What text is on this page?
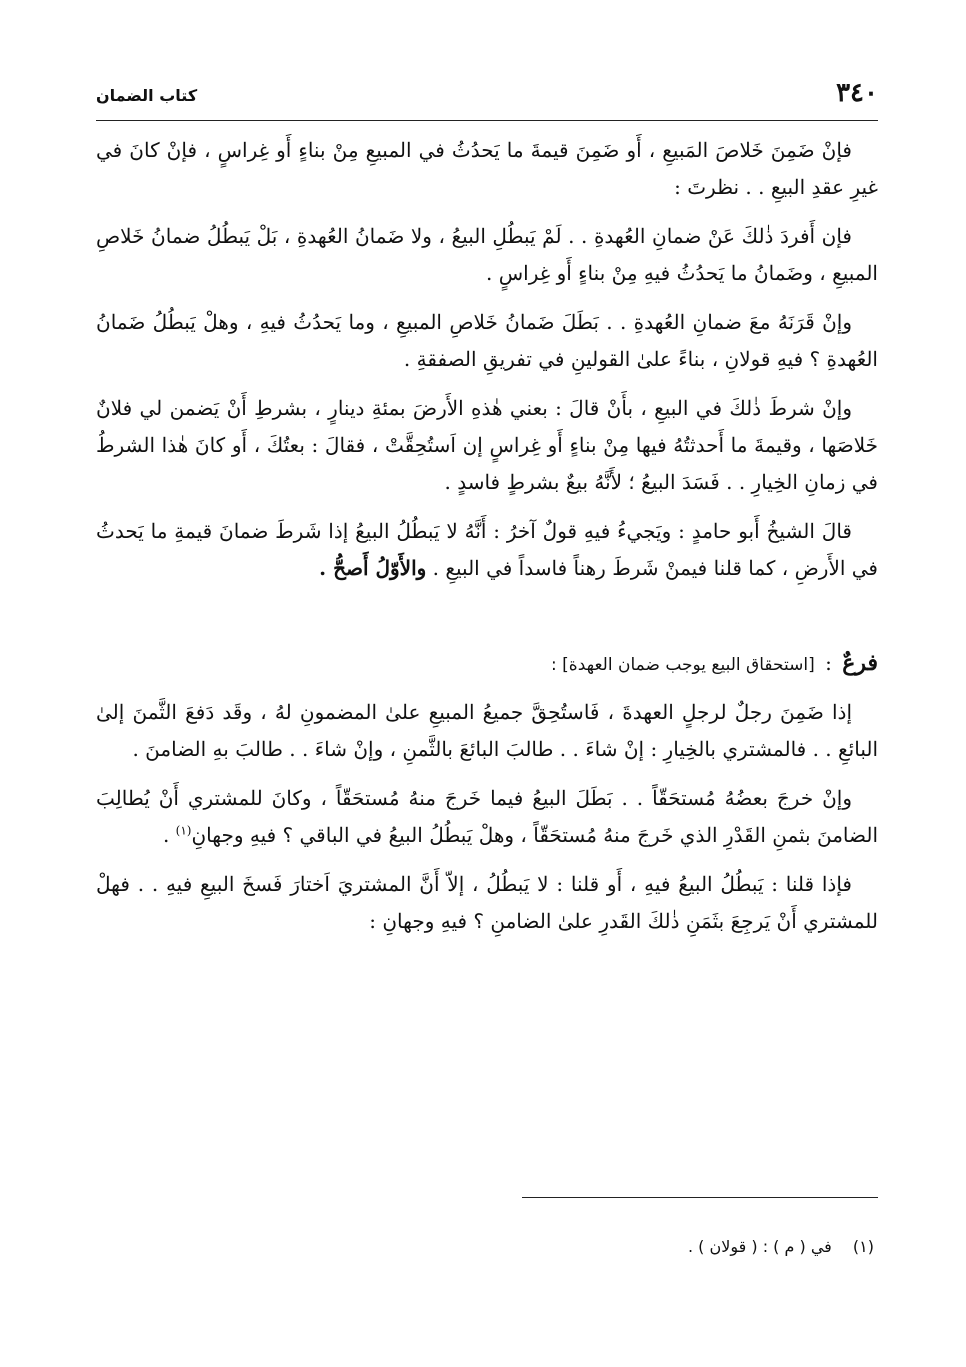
٣٤٠
كتاب الضمان

فإنْ ضَمِنَ خَلاصَ المَبيعِ ، أَو ضَمِنَ قيمةَ ما يَحدُثُ في المبيعِ مِنْ بناءٍ أَو غِراسٍ ، فإنْ كانَ في غيرِ عقدِ البيعِ . . نظرتَ :

فإن أَفردَ ذٰلكَ عَنْ ضمانِ العُهدةِ . . لَمْ يَبطُلِ البيعُ ، ولا ضَمانُ العُهدةِ ، بَلْ يَبطُلُ ضمانُ خَلاصِ المبيعِ ، وضَمانُ ما يَحدُثُ فيهِ مِنْ بناءٍ أَو غِراسٍ .

وإنْ قَرَنَهُ معَ ضمانِ العُهدةِ . . بَطَلَ ضَمانُ خَلاصِ المبيعِ ، وما يَحدُثُ فيهِ ، وهلْ يَبطُلُ ضَمانُ العُهدةِ ؟ فيهِ قولانِ ، بناءً علىٰ القولينِ في تفريقِ الصفقةِ .

وإنْ شرطَ ذٰلكَ في البيعِ ، بأَنْ قالَ : بعني هٰذهِ الأَرضَ بمئةِ دينارٍ ، بشرطِ أَنْ يَضمن لي فلانٌ خَلاصَها ، وقيمةَ ما أَحدثتُهُ فيها مِنْ بناءٍ أَو غِراسٍ إن اَستُحِقَّتْ ، فقالَ : بعتُكَ ، أَو كانَ هٰذا الشرطُ في زمانِ الخِيارِ . . فَسَدَ البيعُ ؛ لأَنَّهُ بيعٌ بشرطٍ فاسدٍ .

قالَ الشيخُ أَبو حامدٍ : ويَجيءُ فيهِ قولٌ آخرُ : أَنَّهُ لا يَبطُلُ البيعُ إذا شَرطَ ضمانَ قيمةِ ما يَحدثُ في الأَرضِ ، كما قلنا فيمنْ شَرطَ رهناً فاسداً في البيعِ . والأَوّلُ أَصحُّ .

فرعٌ : [استحقاق البيع يوجب ضمان العهدة] :

إذا ضَمِنَ رجلٌ لرجلٍ العهدةَ ، فَاستُحِقَّ جميعُ المبيعِ علىٰ المضمونِ لهُ ، وقَد دَفعَ الثَّمنَ إلىٰ البائعِ . . فالمشتري بالخِيارِ : إنْ شاءَ . . طالبَ البائعَ بالثَّمنِ ، وإنْ شاءَ . . طالبَ بهِ الضامنَ .

وإنْ خرجَ بعضُهُ مُستحَقّاً . . بَطَلَ البيعُ فيما خَرجَ منهُ مُستحَقّاً ، وكانَ للمشتري أَنْ يُطالِبَ الضامنَ بثمنِ القَدْرِ الذي خَرجَ منهُ مُستحَقّاً ، وهلْ يَبطُلُ البيعُ في الباقي ؟ فيهِ وجهانِ$^{(١)}$ .

فإذا قلنا : يَبطُلُ البيعُ فيهِ ، أَو قلنا : لا يَبطُلُ ، إلاّ أَنَّ المشتريَ اَختارَ فَسخَ البيعِ فيهِ . . فهلْ للمشتري أَنْ يَرجِعَ بثَمَنِ ذٰلكَ القَدرِ علىٰ الضامنِ ؟ فيهِ وجهانِ :

(١) في ( م ) : ( قولان ) .
